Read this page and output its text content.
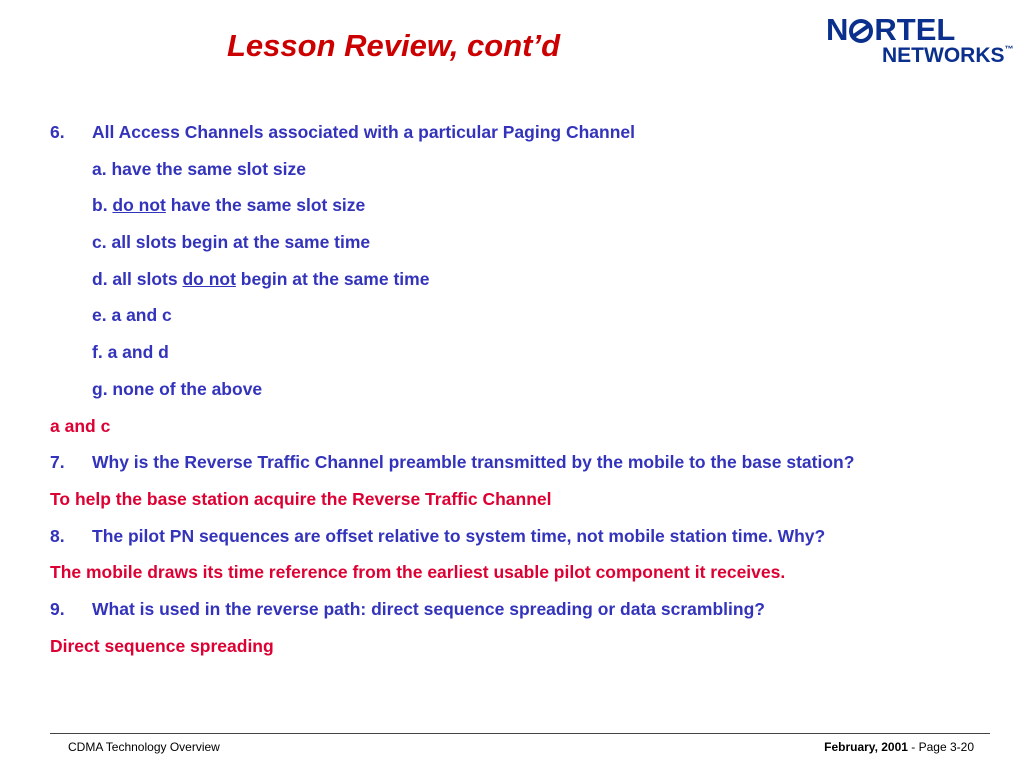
Lesson Review, cont’d	N RTEL
NETWORKS™
6. All Access Channels associated with a particular Paging Channel
a. have the same slot size
b. do not have the same slot size
c. all slots begin at the same time
d. all slots do not begin at the same time
e. a and c
f. a and d
g. none of the above
a and c
7. Why is the Reverse Traffic Channel preamble transmitted by the mobile to the base station?
To help the base station acquire the Reverse Traffic Channel
8. The pilot PN sequences are offset relative to system time, not mobile station time. Why?
The mobile draws its time reference from the earliest usable pilot component it receives.
9. What is used in the reverse path: direct sequence spreading or data scrambling?
Direct sequence spreading
CDMA Technology Overview	February, 2001 - Page 3-20
